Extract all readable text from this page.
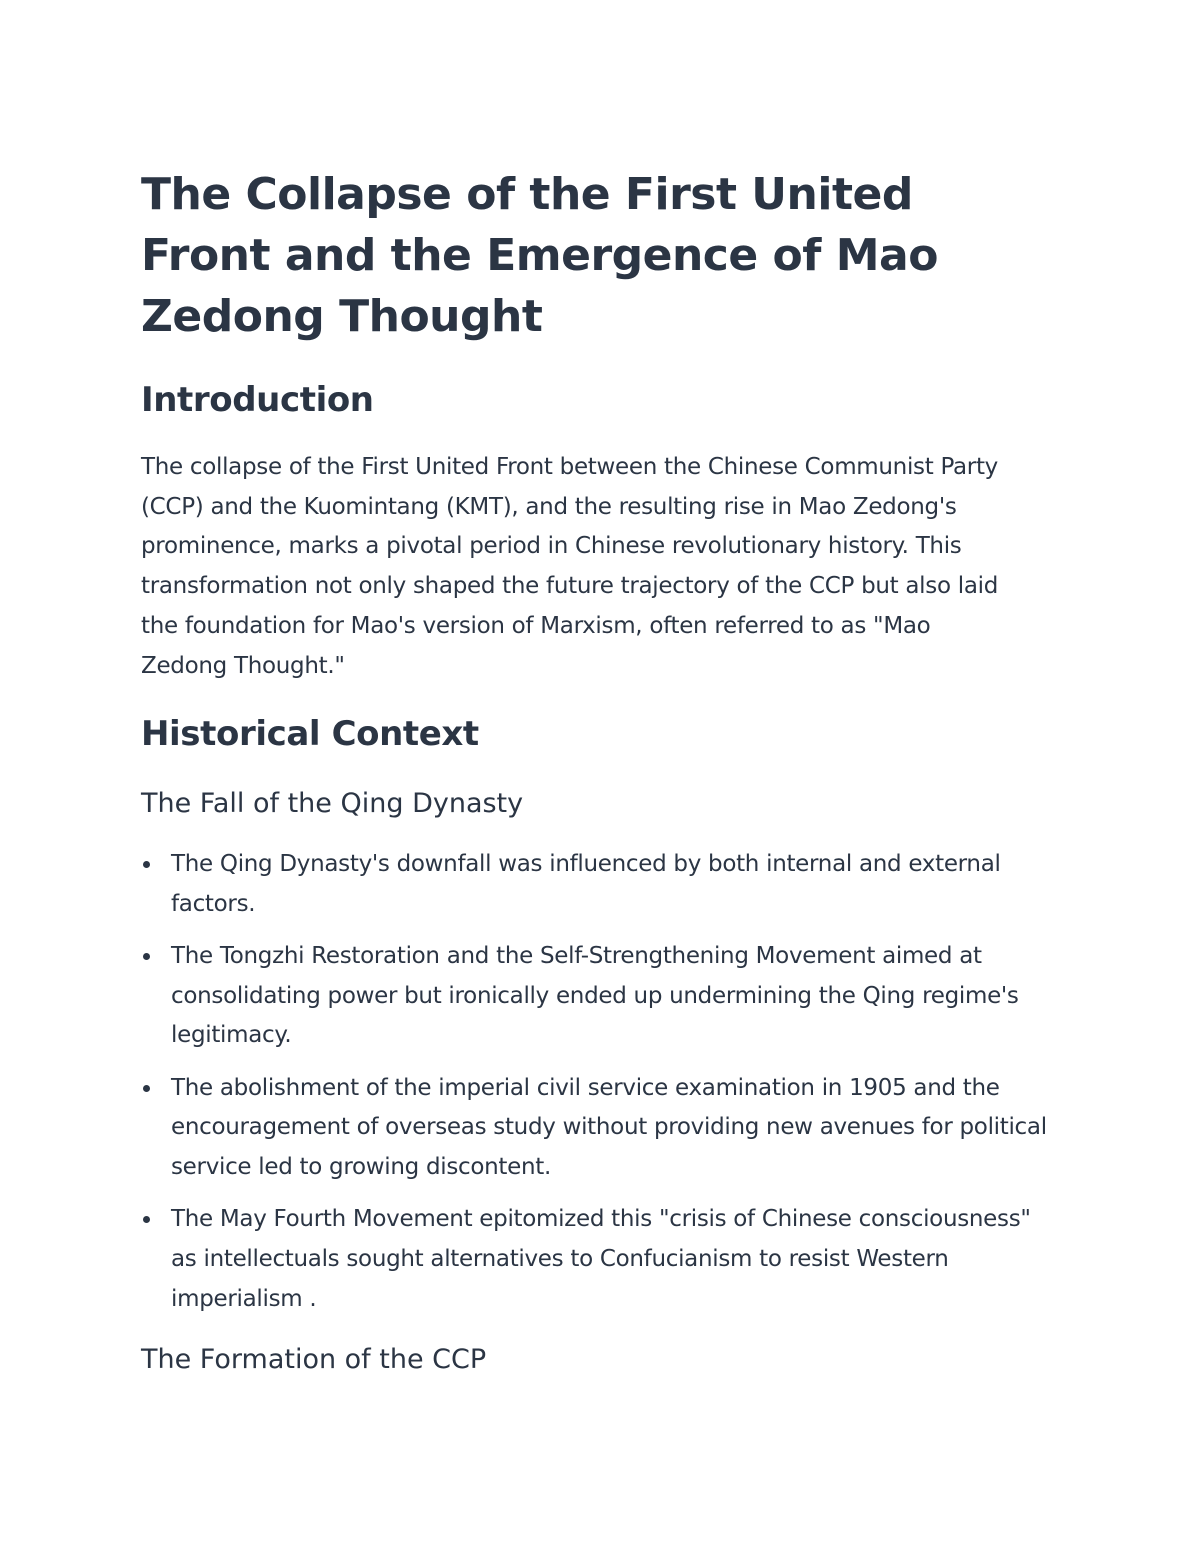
The Collapse of the First United Front and the Emergence of Mao Zedong Thought
Introduction

The collapse of the First United Front between the Chinese Communist Party (CCP) and the Kuomintang (KMT), and the resulting rise in Mao Zedong's prominence, marks a pivotal period in Chinese revolutionary history. This transformation not only shaped the future trajectory of the CCP but also laid the foundation for Mao's version of Marxism, often referred to as "Mao Zedong Thought."

Historical Context
The Fall of the Qing Dynasty
The Qing Dynasty's downfall was influenced by both internal and external factors.
The Tongzhi Restoration and the Self-Strengthening Movement aimed at consolidating power but ironically ended up undermining the Qing regime's legitimacy.
The abolishment of the imperial civil service examination in 1905 and the encouragement of overseas study without providing new avenues for political service led to growing discontent.
The May Fourth Movement epitomized this "crisis of Chinese consciousness" as intellectuals sought alternatives to Confucianism to resist Western imperialism .
The Formation of the CCP
